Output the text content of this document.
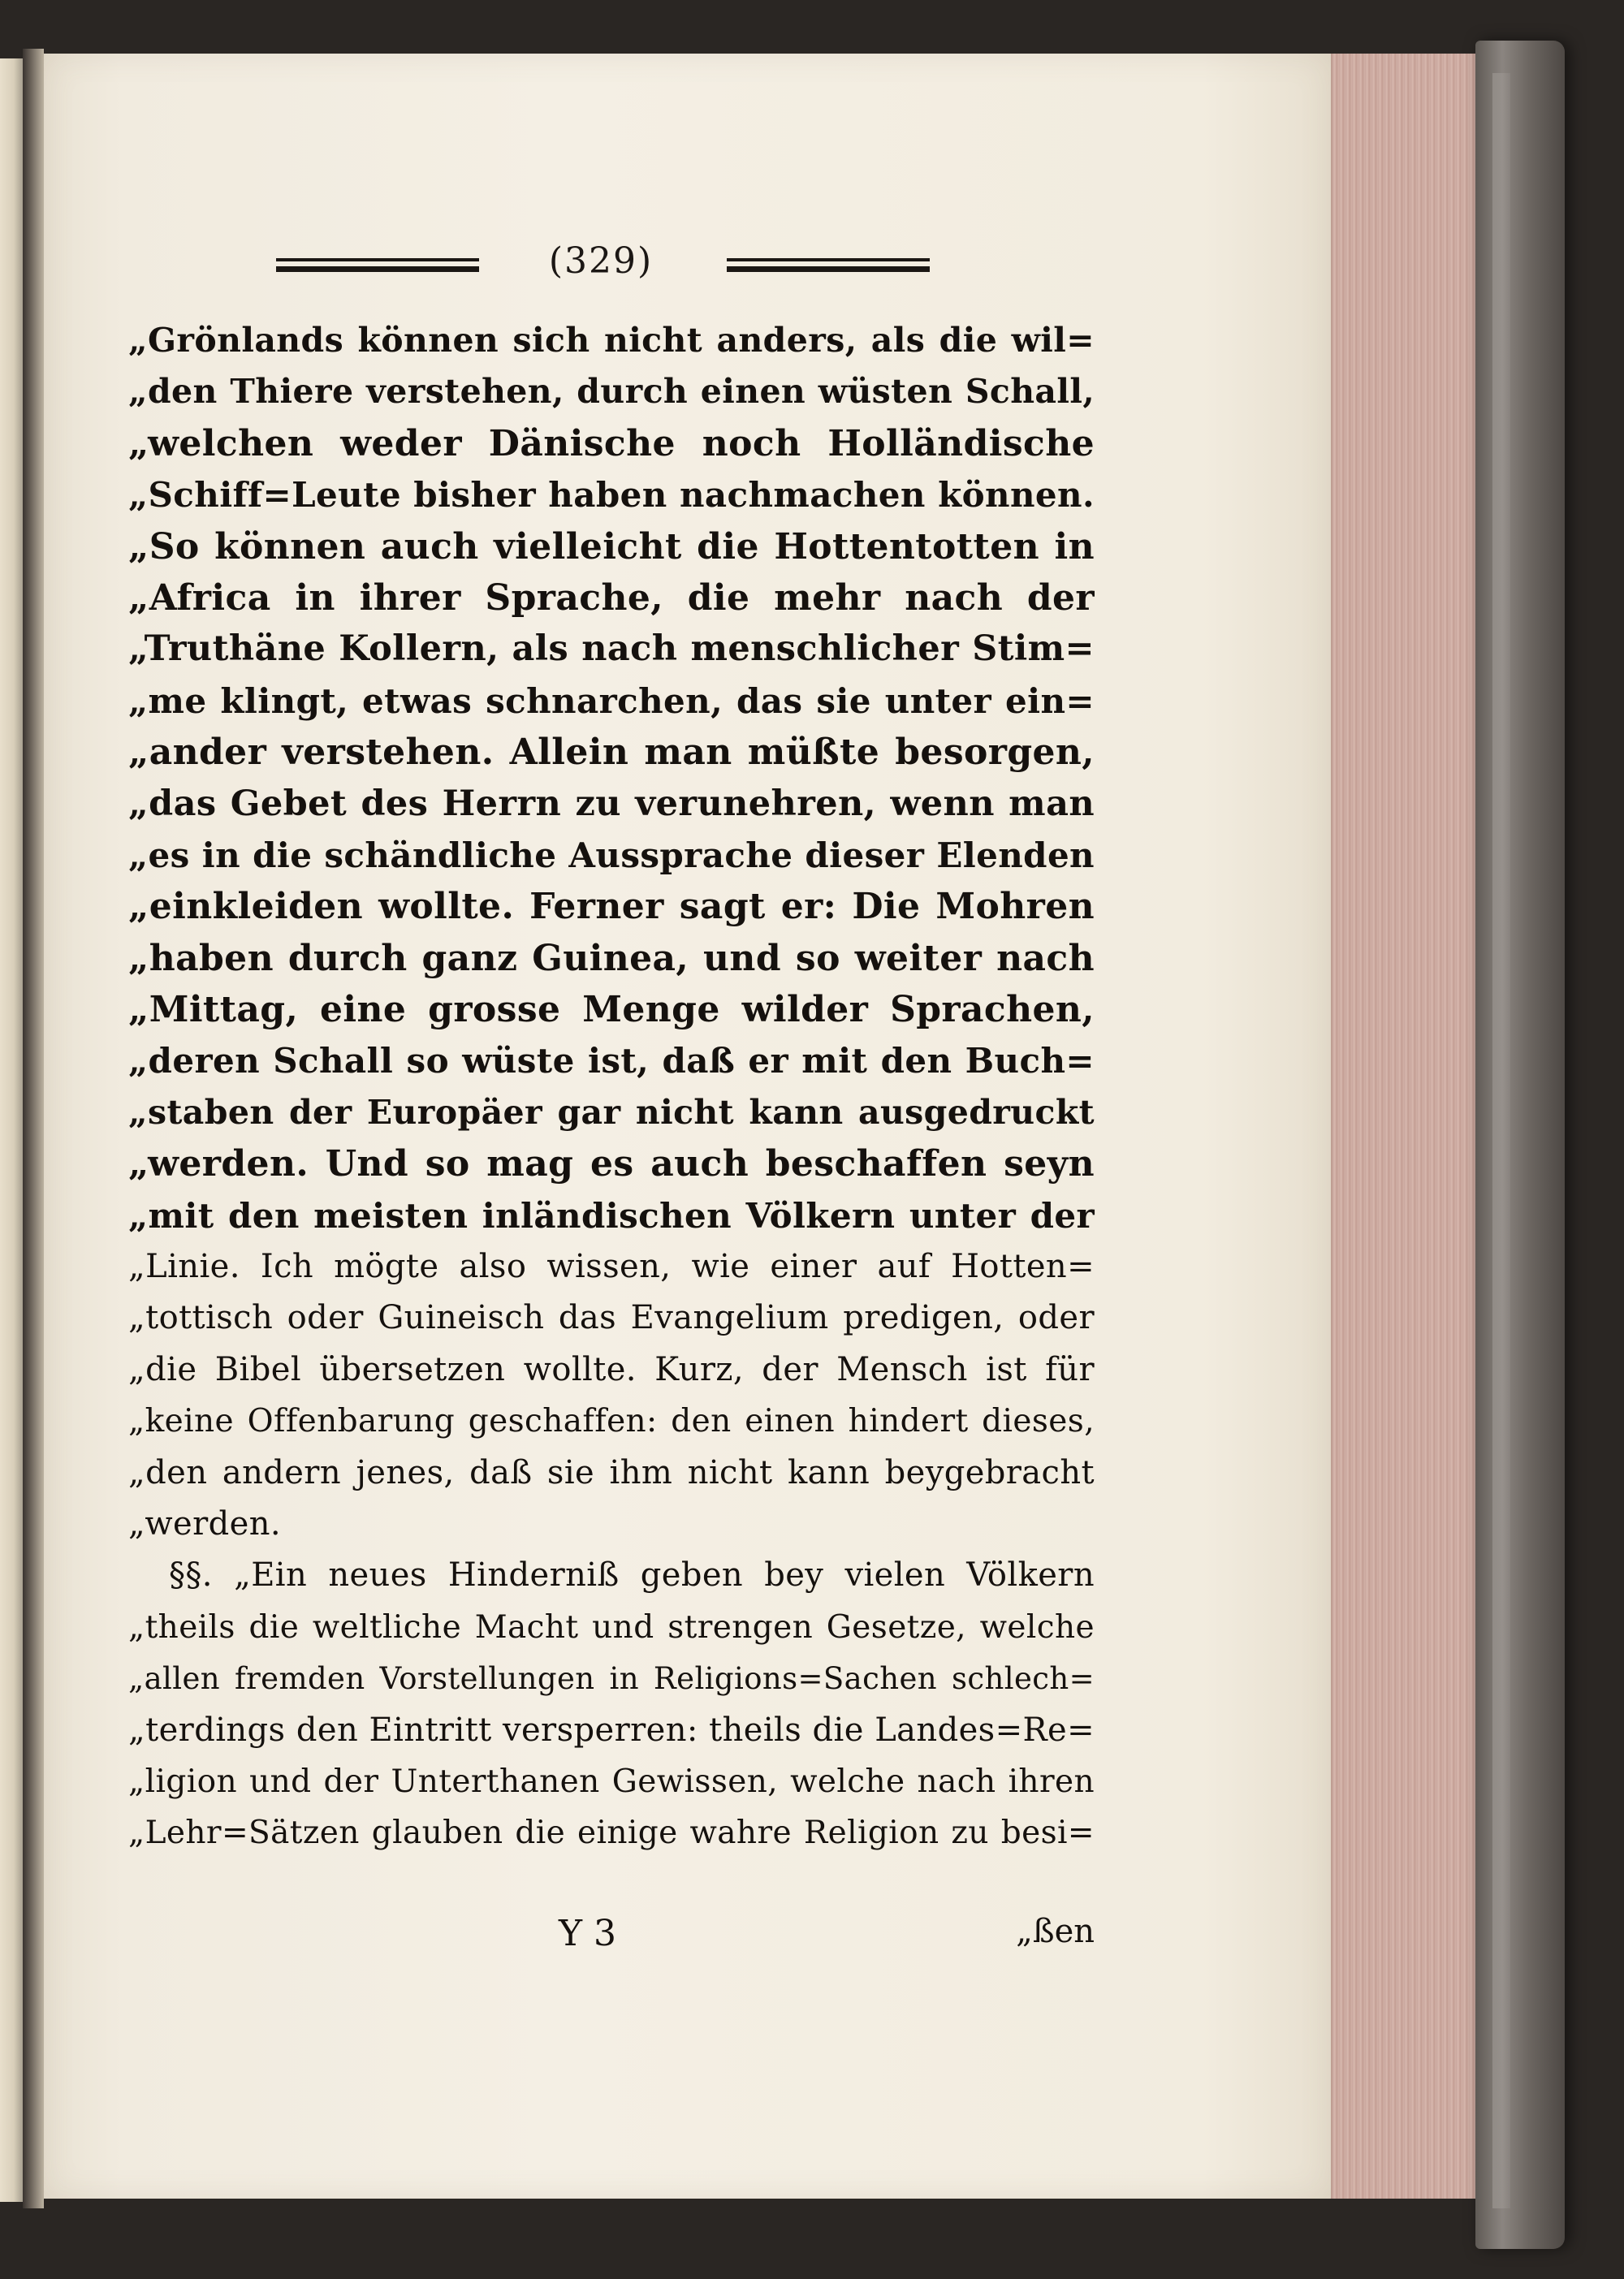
(329)
„Grönlands können sich nicht anders, als die wil=
„den Thiere verstehen, durch einen wüsten Schall,
„welchen weder Dänische noch Holländische
„Schiff=Leute bisher haben nachmachen können.
„So können auch vielleicht die Hottentotten in
„Africa in ihrer Sprache, die mehr nach der
„Truthäne Kollern, als nach menschlicher Stim=
„me klingt, etwas schnarchen, das sie unter ein=
„ander verstehen. Allein man müßte besorgen,
„das Gebet des Herrn zu verunehren, wenn man
„es in die schändliche Aussprache dieser Elenden
„einkleiden wollte. Ferner sagt er: Die Mohren
„haben durch ganz Guinea, und so weiter nach
„Mittag, eine grosse Menge wilder Sprachen,
„deren Schall so wüste ist, daß er mit den Buch=
„staben der Europäer gar nicht kann ausgedruckt
„werden. Und so mag es auch beschaffen seyn
„mit den meisten inländischen Völkern unter der
„Linie. Ich mögte also wissen, wie einer auf Hotten=
„tottisch oder Guineisch das Evangelium predigen, oder
„die Bibel übersetzen wollte. Kurz, der Mensch ist für
„keine Offenbarung geschaffen: den einen hindert dieses,
„den andern jenes, daß sie ihm nicht kann beygebracht
„werden.
§§. „Ein neues Hinderniß geben bey vielen Völkern
„theils die weltliche Macht und strengen Gesetze, welche
„allen fremden Vorstellungen in Religions=Sachen schlech=
„terdings den Eintritt versperren: theils die Landes=Re=
„ligion und der Unterthanen Gewissen, welche nach ihren
„Lehr=Sätzen glauben die einige wahre Religion zu besi=
Y 3	„ßen
